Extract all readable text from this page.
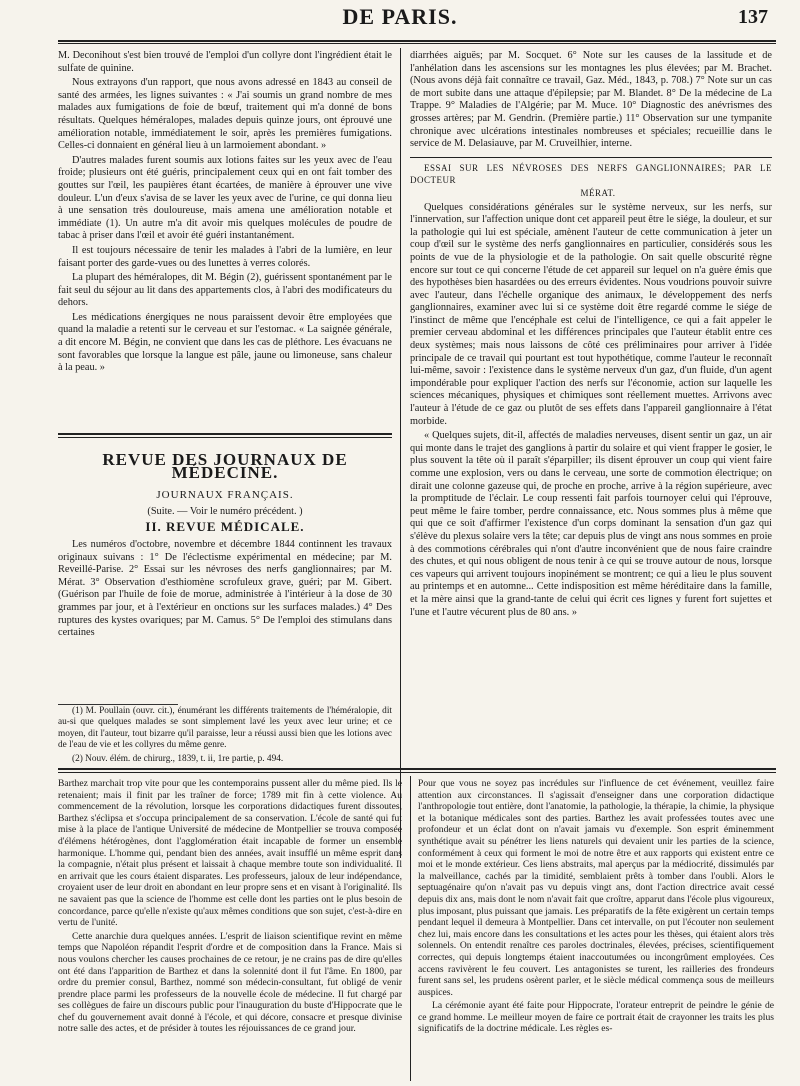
DE PARIS.	137

M. Deconihout s'est bien trouvé de l'emploi d'un collyre dont l'ingrédient était le sulfate de quinine.

Nous extrayons d'un rapport, que nous avons adressé en 1843 au conseil de santé des armées, les lignes suivantes : « J'ai soumis un grand nombre de mes malades aux fumigations de foie de bœuf, traitement qui m'a donné de bons résultats. Quelques héméralopes, malades depuis quinze jours, ont éprouvé une amélioration notable, immédiatement le soir, après les premières fumigations. Celles-ci donnaient en général lieu à un larmoiement abondant. »

D'autres malades furent soumis aux lotions faites sur les yeux avec de l'eau froide; plusieurs ont été guéris, principalement ceux qui en ont fait tomber des gouttes sur l'œil, les paupières étant écartées, de manière à éprouver une vive douleur. L'un d'eux s'avisa de se laver les yeux avec de l'urine, ce qui donna lieu à une sensation très douloureuse, mais amena une amélioration notable et immédiate (1). Un autre m'a dit avoir mis quelques molécules de poudre de tabac à priser dans l'œil et avoir été guéri instantanément.

Il est toujours nécessaire de tenir les malades à l'abri de la lumière, en leur faisant porter des garde-vues ou des lunettes à verres colorés.

La plupart des héméralopes, dit M. Bégin (2), guérissent spontanément par le fait seul du séjour au lit dans des appartements clos, à l'abri des modificateurs du dehors.

Les médications énergiques ne nous paraissent devoir être employées que quand la maladie a retenti sur le cerveau et sur l'estomac. « La saignée générale, a dit encore M. Bégin, ne convient que dans les cas de pléthore. Les évacuans ne sont favorables que lorsque la langue est pâle, jaune ou limoneuse, sans chaleur à la peau. »

REVUE DES JOURNAUX DE MÉDECINE.
JOURNAUX FRANÇAIS.
(Suite. — Voir le numéro précédent. )
II. REVUE MÉDICALE.

Les numéros d'octobre, novembre et décembre 1844 continnent les travaux originaux suivans : 1° De l'éclectisme expérimental en médecine; par M. Reveillé-Parise. 2° Essai sur les névroses des nerfs ganglionnaires; par M. Mérat. 3° Observation d'esthiomène scrofuleux grave, guéri; par M. Gibert. (Guérison par l'huile de foie de morue, administrée à l'intérieur à la dose de 30 grammes par jour, et à l'extérieur en onctions sur les surfaces malades.) 4° Des ruptures des kystes ovariques; par M. Camus. 5° De l'emploi des stimulans dans certaines

(1) M. Poullain (ouvr. cit.), énumérant les différents traitements de l'héméralopie, dit au-si que quelques malades se sont simplement lavé les yeux avec leur urine; et ce moyen, dit l'auteur, tout bizarre qu'il paraisse, leur a réussi aussi bien que les lotions avec de l'eau de vie et les collyres du même genre.

(2) Nouv. élém. de chirurg., 1839, t. ii, 1re partie, p. 494.

diarrhées aiguës; par M. Socquet. 6° Note sur les causes de la lassitude et de l'anhélation dans les ascensions sur les montagnes les plus élevées; par M. Brachet. (Nous avons déjà fait connaître ce travail, Gaz. Méd., 1843, p. 708.) 7° Note sur un cas de mort subite dans une attaque d'épilepsie; par M. Blandet. 8° De la médecine de La Trappe. 9° Maladies de l'Algérie; par M. Muce. 10° Diagnostic des anévrismes des grosses artères; par M. Gendrin. (Première partie.) 11° Observation sur une tympanite chronique avec ulcérations intestinales nombreuses et spéciales; recueillie dans le service de M. Delasiauve, par M. Cruveilhier, interne.

ESSAI SUR LES NÉVROSES DES NERFS GANGLIONNAIRES; PAR LE DOCTEUR
MÉRAT.

Quelques considérations générales sur le système nerveux, sur les nerfs, sur l'innervation, sur l'affection unique dont cet appareil peut être le siége, la douleur, et sur la pathologie qui lui est spéciale, amènent l'auteur de cette communication à jeter un coup d'œil sur le système des nerfs ganglionnaires en particulier, considérés sous les points de vue de la physiologie et de la pathologie. On sait quelle obscurité règne encore sur tout ce qui concerne l'étude de cet appareil sur lequel on n'a guère émis que des hypothèses bien hasardées ou des erreurs évidentes. Nous voudrions pouvoir suivre avec l'auteur, dans l'échelle organique des animaux, le développement des nerfs ganglionnaires, examiner avec lui si ce système doit être regardé comme le siége de l'instinct de même que l'encéphale est celui de l'intelligence, ce qui a fait appeler le premier cerveau abdominal et les différences principales que l'auteur établit entre ces deux systèmes; mais nous laissons de côté ces préliminaires pour arriver à l'idée principale de ce travail qui pourtant est tout hypothétique, comme l'auteur le reconnaît lui-même, savoir : l'existence dans le système nerveux d'un gaz, d'un fluide, d'un agent impondérable pour expliquer l'action des nerfs sur l'économie, action sur laquelle les sciences mécaniques, physiques et chimiques sont réellement muettes. Arrivons avec l'auteur à l'étude de ce gaz ou plutôt de ses effets dans l'appareil ganglionnaire à l'état morbide.

« Quelques sujets, dit-il, affectés de maladies nerveuses, disent sentir un gaz, un air qui monte dans le trajet des ganglions à partir du solaire et qui vient frapper le gosier, le plus souvent la tête où il paraît s'éparpiller; ils disent éprouver un coup qui vient faire comme une explosion, vers ou dans le cerveau, une sorte de commotion électrique; on dirait une colonne gazeuse qui, de proche en proche, arrive à la région supérieure, avec la promptitude de l'éclair. Le coup ressenti fait parfois tournoyer celui qui l'éprouve, peut même le faire tomber, perdre connaissance, etc. Nous sommes plus à même que qui que ce soit d'affirmer l'existence d'un corps dominant la sensation d'un gaz qui s'élève du plexus solaire vers la tête; car depuis plus de vingt ans nous sommes en proie à des commotions cérébrales qui n'ont d'autre inconvénient que de nous faire craindre des chutes, et qui nous obligent de nous tenir à ce qui se trouve autour de nous, lorsque ces vapeurs qui arrivent toujours inopinément se montrent; ce qui a lieu le plus souvent au printemps et en automne... Cette indisposition est même héréditaire dans la famille, et la mère ainsi que la grand-tante de celui qui écrit ces lignes y furent fort sujettes et l'une et l'autre vécurent plus de 80 ans. »

Barthez marchait trop vite pour que les contemporains pussent aller du même pied. Ils le retenaient; mais il finit par les traîner de force; 1789 mit fin à cette violence. Au commencement de la révolution, lorsque les corporations didactiques furent dissoutes, Barthez s'éclipsa et s'occupa principalement de sa conservation. L'école de santé qui fut mise à la place de l'antique Université de médecine de Montpellier se trouva composée d'élémens hétérogènes, dont l'agglomération était incapable de former un ensemble harmonique. L'homme qui, pendant bien des années, avait insufflé un même esprit dans la compagnie, n'était plus présent et laissait à chaque membre toute son individualité. Il en arrivait que les cours étaient disparates. Les professeurs, jaloux de leur indépendance, croyaient user de leur droit en abondant en leur propre sens et en visant à l'originalité. Ils ne savaient pas que la science de l'homme est celle dont les parties ont le plus besoin de concordance, parce qu'elle n'existe qu'aux mêmes conditions que son sujet, c'est-à-dire en vertu de l'unité.

Cette anarchie dura quelques années. L'esprit de liaison scientifique revint en même temps que Napoléon répandit l'esprit d'ordre et de composition dans la France. Mais si nous voulons chercher les causes prochaines de ce retour, je ne crains pas de dire qu'elles ont été dans l'apparition de Barthez et dans la solennité dont il fut l'âme. En 1800, par ordre du premier consul, Barthez, nommé son médecin-consultant, fut obligé de venir prendre place parmi les professeurs de la nouvelle école de médecine. Il fut chargé par ses collègues de faire un discours public pour l'inauguration du buste d'Hippocrate que le chef du gouvernement avait donné à l'école, et qui décore, consacre et presque divinise notre salle des actes, et de présider à toutes les réjouissances de ce grand jour.

Pour que vous ne soyez pas incrédules sur l'influence de cet événement, veuillez faire attention aux circonstances. Il s'agissait d'enseigner dans une corporation didactique l'anthropologie tout entière, dont l'anatomie, la pathologie, la thérapie, la chimie, la physique et la botanique médicales sont des parties. Barthez les avait professées toutes avec une profondeur et un éclat dont on n'avait jamais vu d'exemple. Son esprit éminemment synthétique avait su pénétrer les liens naturels qui devaient unir les parties de la science, conformément à ceux qui forment le moi de notre être et aux rapports qui existent entre ce moi et le monde extérieur. Ces liens abstraits, mal aperçus par la médiocrité, dissimulés par la malveillance, cachés par la timidité, semblaient prêts à tomber dans l'oubli. Alors le septuagénaire qu'on n'avait pas vu depuis vingt ans, dont l'action directrice avait cessé depuis dix ans, mais dont le nom n'avait fait que croître, apparut dans l'école plus vigoureux, plus imposant, plus puissant que jamais. Les préparatifs de la fête exigèrent un certain temps pendant lequel il demeura à Montpellier. Dans cet intervalle, on put l'écouter non seulement chez lui, mais encore dans les consultations et les actes pour les thèses, qui étaient alors très solennels. On entendit renaître ces paroles doctrinales, élevées, précises, scientifiquement correctes, qui depuis longtemps étaient inaccoutumées ou incongrûment employées. Ces accens ravivèrent le feu couvert. Les antagonistes se turent, les railleries des frondeurs furent sans sel, les prudens osèrent parler, et le siècle médical commença sous de meilleurs auspices.

La cérémonie ayant été faite pour Hippocrate, l'orateur entreprit de peindre le génie de ce grand homme. Le meilleur moyen de faire ce portrait était de crayonner les traits les plus significatifs de la doctrine médicale. Les règles es-
